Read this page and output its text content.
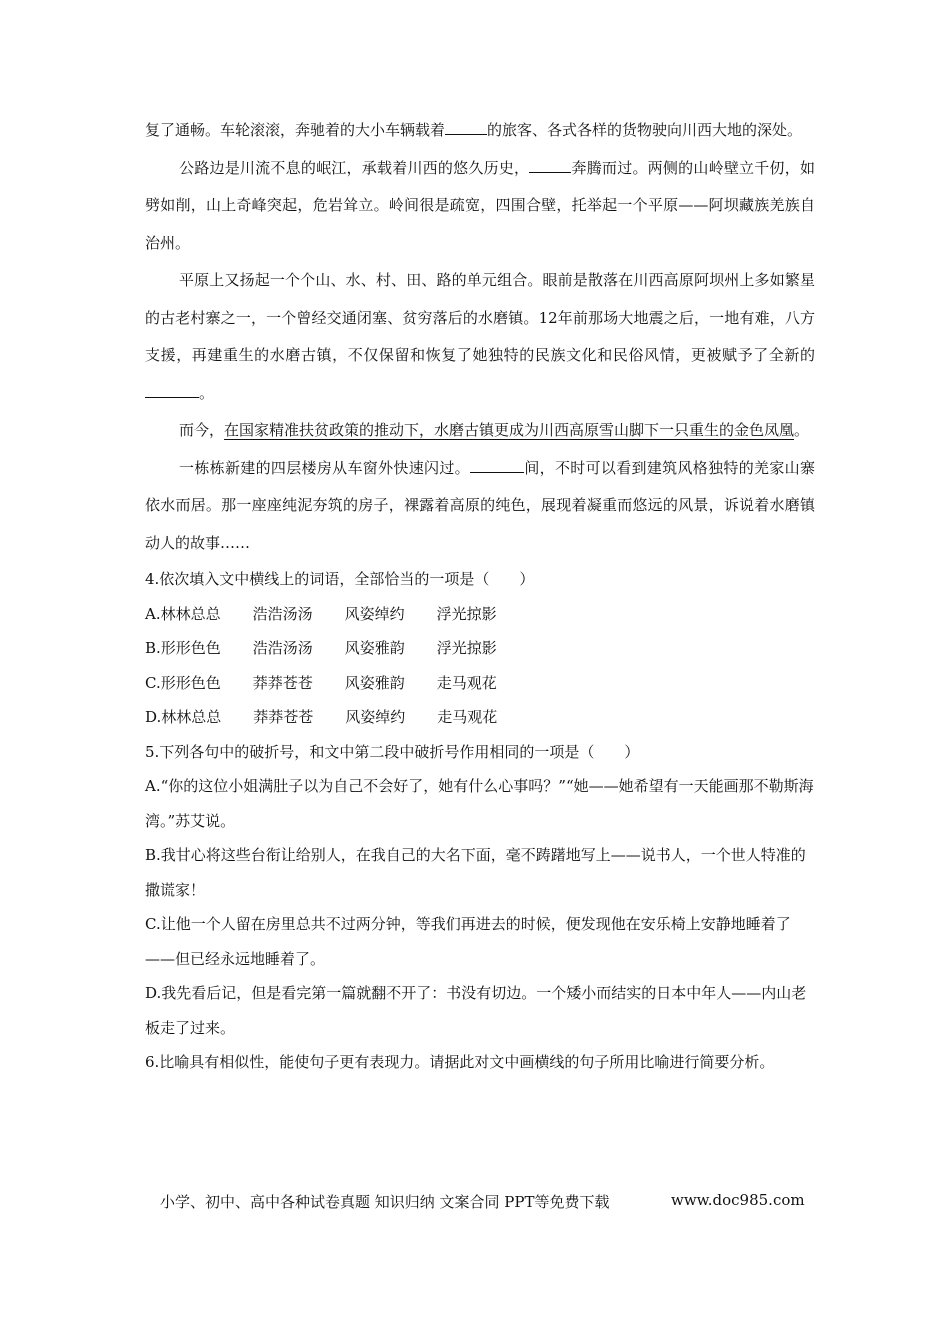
复了通畅。车轮滚滚，奔驰着的大小车辆载着	的旅客、各式各样的货物驶向川西大地的深处。

公路边是川流不息的岷江，承载着川西的悠久历史，	奔腾而过。两侧的山岭壁立千仞，如劈如削，山上奇峰突起，危岩耸立。岭间很是疏宽，四围合壁，托举起一个平原——阿坝藏族羌族自治州。

平原上又扬起一个个山、水、村、田、路的单元组合。眼前是散落在川西高原阿坝州上多如繁星的古老村寨之一，一个曾经交通闭塞、贫穷落后的水磨镇。12年前那场大地震之后，一地有难，八方支援，再建重生的水磨古镇，不仅保留和恢复了她独特的民族文化和民俗风情，更被赋予了全新的。

而今，在国家精准扶贫政策的推动下，水磨古镇更成为川西高原雪山脚下一只重生的金色凤凰。

一栋栋新建的四层楼房从车窗外快速闪过。	间，不时可以看到建筑风格独特的羌家山寨依水而居。那一座座纯泥夯筑的房子，裸露着高原的纯色，展现着凝重而悠远的风景，诉说着水磨镇动人的故事……

4.依次填入文中横线上的词语，全部恰当的一项是（　　）

A.林林总总 浩浩汤汤 风姿绰约 浮光掠影

B.形形色色 浩浩汤汤 风姿雅韵 浮光掠影

C.形形色色 莽莽苍苍 风姿雅韵 走马观花

D.林林总总 莽莽苍苍 风姿绰约 走马观花

5.下列各句中的破折号，和文中第二段中破折号作用相同的一项是（　　）

A.“你的这位小姐满肚子以为自己不会好了，她有什么心事吗？”“她——她希望有一天能画那不勒斯海湾。”苏艾说。

B.我甘心将这些台衔让给别人，在我自己的大名下面，毫不踌躇地写上——说书人，一个世人特准的撒谎家！

C.让他一个人留在房里总共不过两分钟，等我们再进去的时候，便发现他在安乐椅上安静地睡着了——但已经永远地睡着了。

D.我先看后记，但是看完第一篇就翻不开了：书没有切边。一个矮小而结实的日本中年人——内山老板走了过来。

6.比喻具有相似性，能使句子更有表现力。请据此对文中画横线的句子所用比喻进行简要分析。

小学、初中、高中各种试卷真题 知识归纳 文案合同 PPT等免费下载	www.doc985.com
